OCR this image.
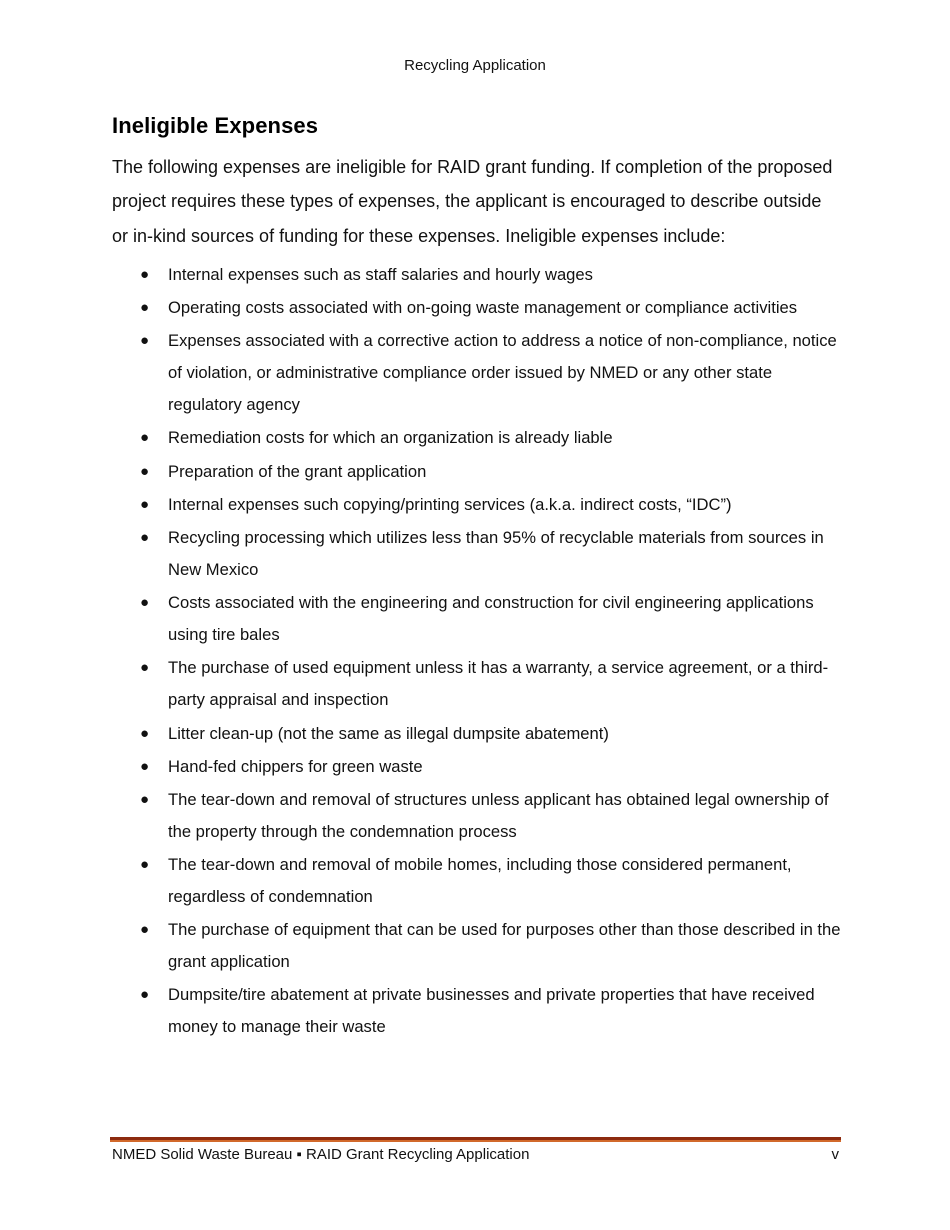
Recycling Application
Ineligible Expenses

The following expenses are ineligible for RAID grant funding. If completion of the proposed project requires these types of expenses, the applicant is encouraged to describe outside or in-kind sources of funding for these expenses. Ineligible expenses include:

● Internal expenses such as staff salaries and hourly wages
● Operating costs associated with on-going waste management or compliance activities
● Expenses associated with a corrective action to address a notice of non-compliance, notice of violation, or administrative compliance order issued by NMED or any other state regulatory agency
● Remediation costs for which an organization is already liable
● Preparation of the grant application
● Internal expenses such copying/printing services (a.k.a. indirect costs, “IDC”)
● Recycling processing which utilizes less than 95% of recyclable materials from sources in New Mexico
● Costs associated with the engineering and construction for civil engineering applications using tire bales
● The purchase of used equipment unless it has a warranty, a service agreement, or a third-party appraisal and inspection
● Litter clean-up (not the same as illegal dumpsite abatement)
● Hand-fed chippers for green waste
● The tear-down and removal of structures unless applicant has obtained legal ownership of the property through the condemnation process
● The tear-down and removal of mobile homes, including those considered permanent, regardless of condemnation
● The purchase of equipment that can be used for purposes other than those described in the grant application
● Dumpsite/tire abatement at private businesses and private properties that have received money to manage their waste
NMED Solid Waste Bureau ▪ RAID Grant Recycling Application	v
